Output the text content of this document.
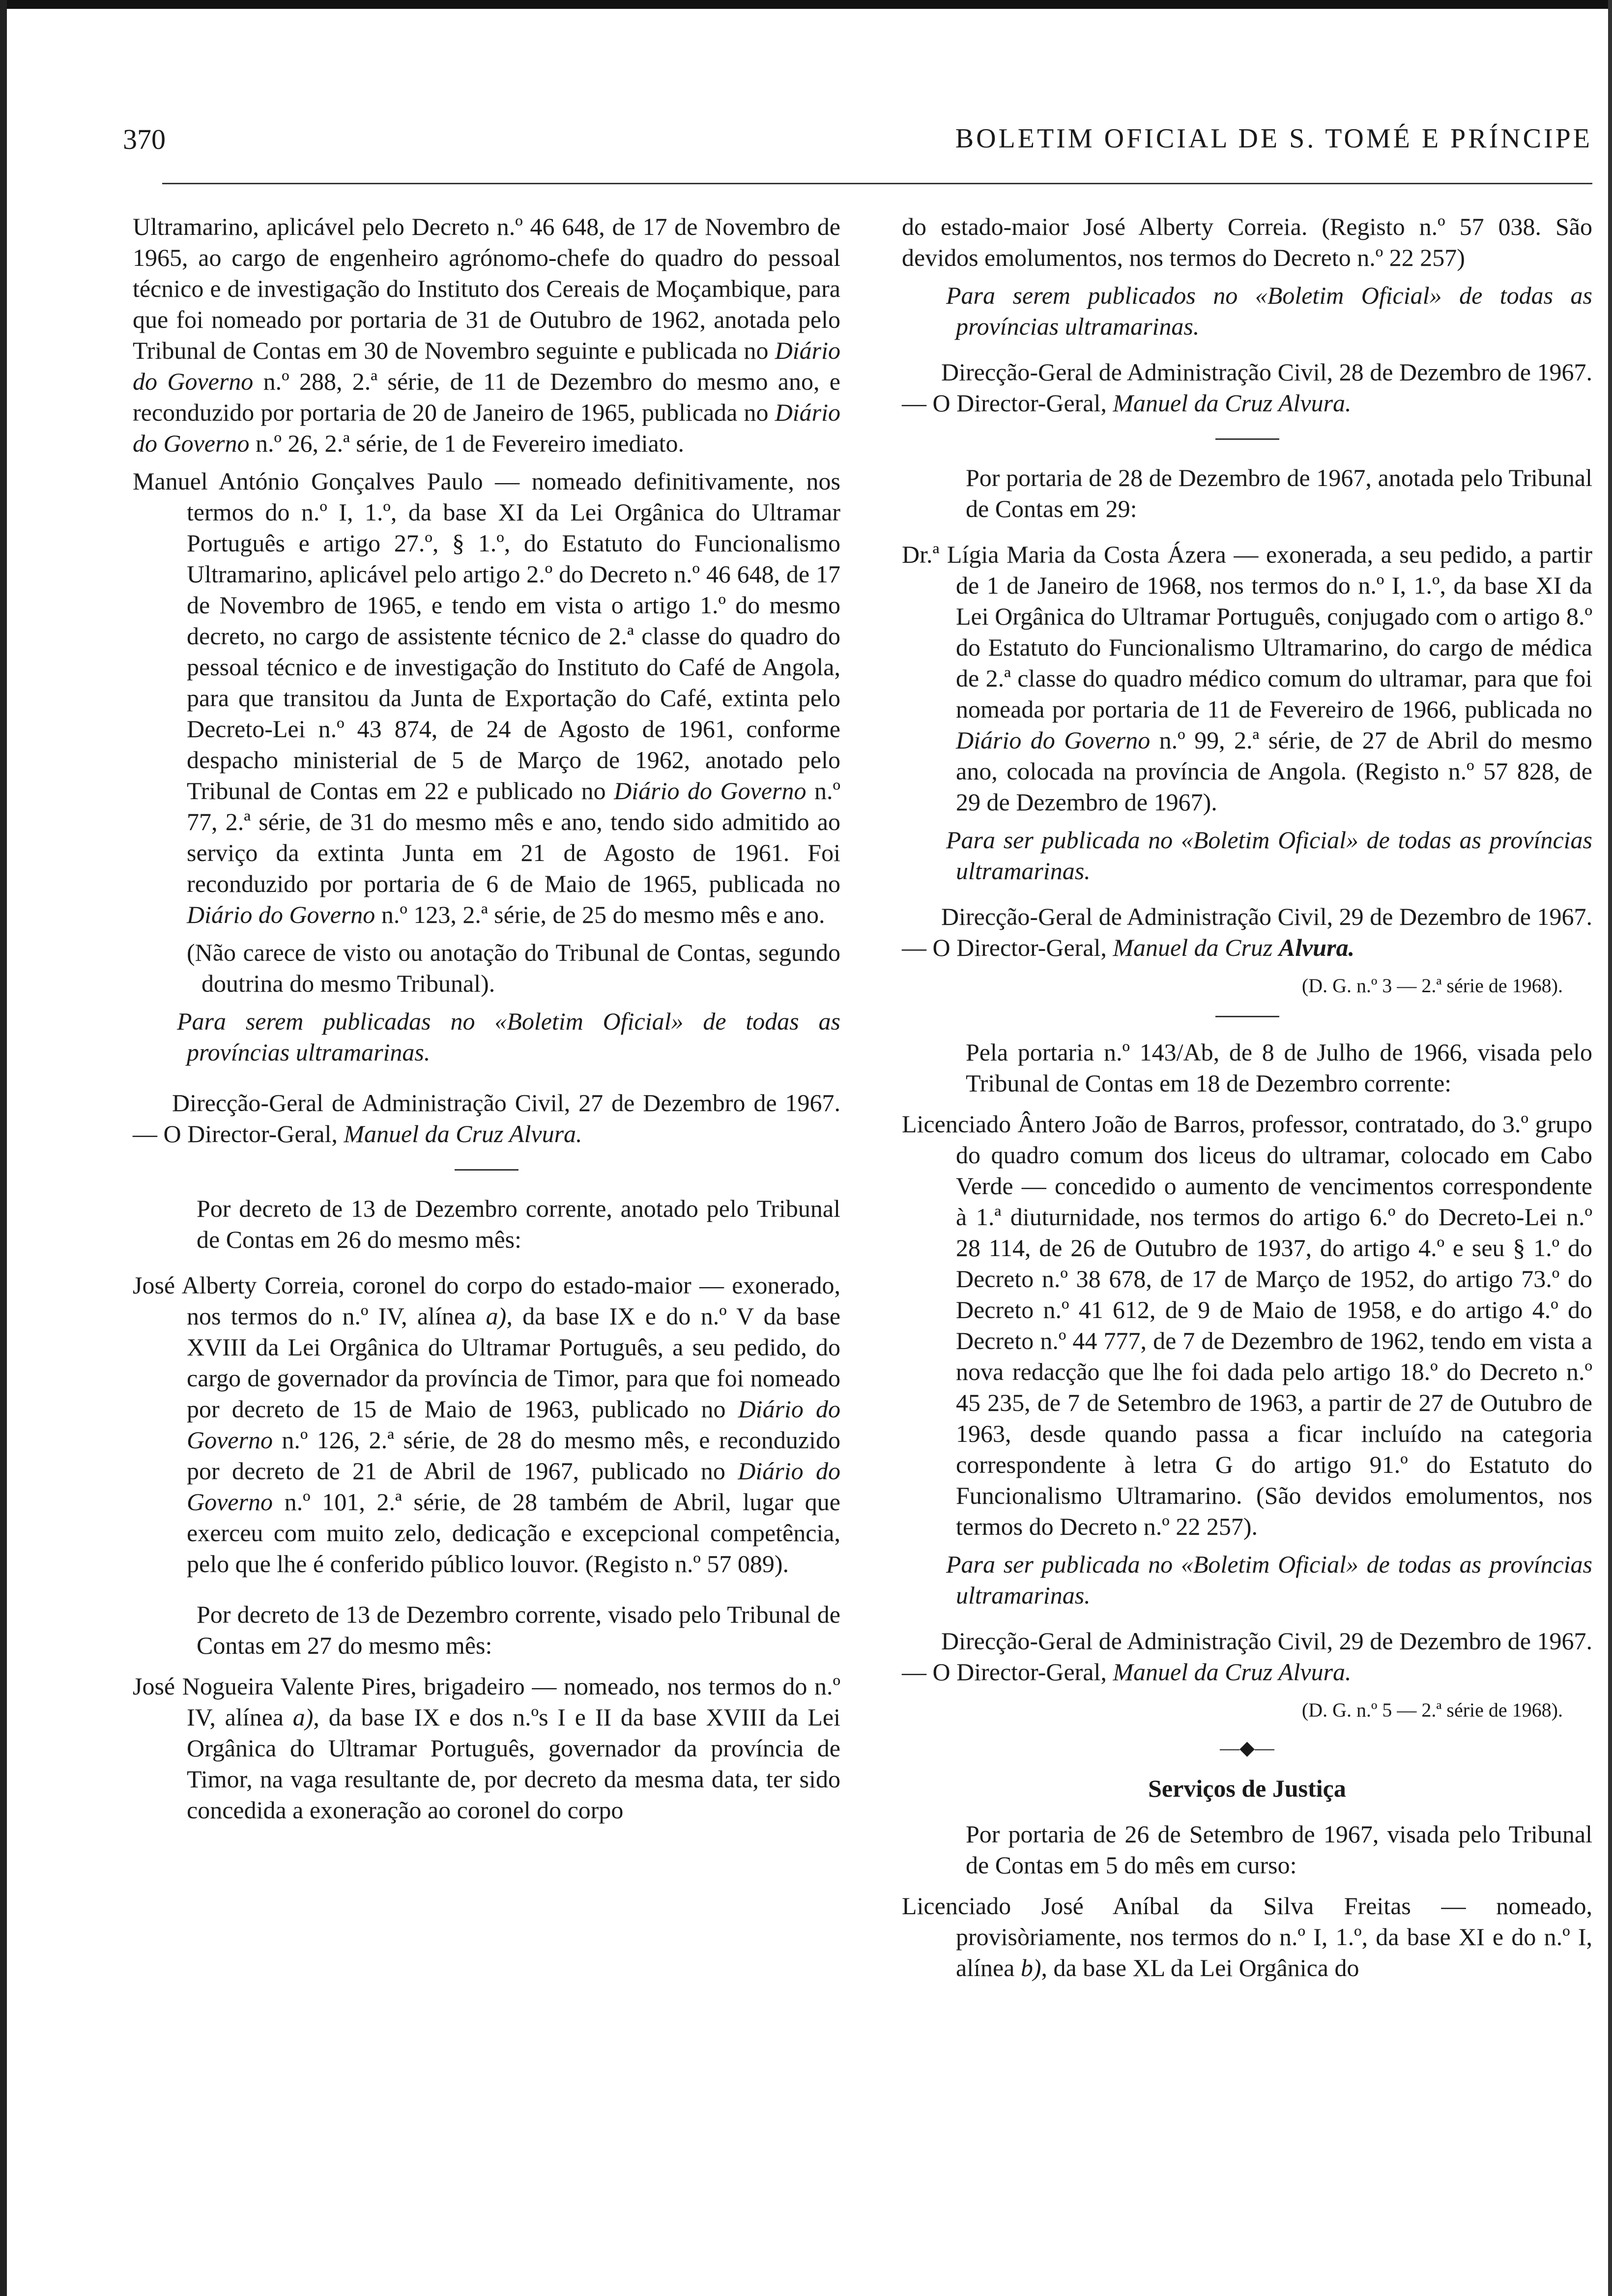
370	BOLETIM OFICIAL DE S. TOMÉ E PRÍNCIPE

Ultramarino, aplicável pelo Decreto n.º 46 648, de 17 de Novembro de 1965, ao cargo de engenheiro agrónomo-chefe do quadro do pessoal técnico e de investigação do Instituto dos Cereais de Moçambique, para que foi nomeado por portaria de 31 de Outubro de 1962, anotada pelo Tribunal de Contas em 30 de Novembro seguinte e publicada no Diário do Governo n.º 288, 2.ª série, de 11 de Dezembro do mesmo ano, e reconduzido por portaria de 20 de Janeiro de 1965, publicada no Diário do Governo n.º 26, 2.ª série, de 1 de Fevereiro imediato.

Manuel António Gonçalves Paulo — nomeado definitivamente, nos termos do n.º I, 1.º, da base XI da Lei Orgânica do Ultramar Português e artigo 27.º, § 1.º, do Estatuto do Funcionalismo Ultramarino, aplicável pelo artigo 2.º do Decreto n.º 46 648, de 17 de Novembro de 1965, e tendo em vista o artigo 1.º do mesmo decreto, no cargo de assistente técnico de 2.ª classe do quadro do pessoal técnico e de investigação do Instituto do Café de Angola, para que transitou da Junta de Exportação do Café, extinta pelo Decreto-Lei n.º 43 874, de 24 de Agosto de 1961, conforme despacho ministerial de 5 de Março de 1962, anotado pelo Tribunal de Contas em 22 e publicado no Diário do Governo n.º 77, 2.ª série, de 31 do mesmo mês e ano, tendo sido admitido ao serviço da extinta Junta em 21 de Agosto de 1961. Foi reconduzido por portaria de 6 de Maio de 1965, publicada no Diário do Governo n.º 123, 2.ª série, de 25 do mesmo mês e ano.

(Não carece de visto ou anotação do Tribunal de Contas, segundo doutrina do mesmo Tribunal).

Para serem publicadas no «Boletim Oficial» de todas as províncias ultramarinas.

Direcção-Geral de Administração Civil, 27 de Dezembro de 1967. — O Director-Geral, Manuel da Cruz Alvura.

Por decreto de 13 de Dezembro corrente, anotado pelo Tribunal de Contas em 26 do mesmo mês:

José Alberty Correia, coronel do corpo do estado-maior — exonerado, nos termos do n.º IV, alínea a), da base IX e do n.º V da base XVIII da Lei Orgânica do Ultramar Português, a seu pedido, do cargo de governador da província de Timor, para que foi nomeado por decreto de 15 de Maio de 1963, publicado no Diário do Governo n.º 126, 2.ª série, de 28 do mesmo mês, e reconduzido por decreto de 21 de Abril de 1967, publicado no Diário do Governo n.º 101, 2.ª série, de 28 também de Abril, lugar que exerceu com muito zelo, dedicação e excepcional competência, pelo que lhe é conferido público louvor. (Registo n.º 57 089).

Por decreto de 13 de Dezembro corrente, visado pelo Tribunal de Contas em 27 do mesmo mês:

José Nogueira Valente Pires, brigadeiro — nomeado, nos termos do n.º IV, alínea a), da base IX e dos n.ºs I e II da base XVIII da Lei Orgânica do Ultramar Português, governador da província de Timor, na vaga resultante de, por decreto da mesma data, ter sido concedida a exoneração ao coronel do corpo

do estado-maior José Alberty Correia. (Registo n.º 57 038. São devidos emolumentos, nos termos do Decreto n.º 22 257)

Para serem publicados no «Boletim Oficial» de todas as províncias ultramarinas.

Direcção-Geral de Administração Civil, 28 de Dezembro de 1967. — O Director-Geral, Manuel da Cruz Alvura.

Por portaria de 28 de Dezembro de 1967, anotada pelo Tribunal de Contas em 29:

Dr.ª Lígia Maria da Costa Ázera — exonerada, a seu pedido, a partir de 1 de Janeiro de 1968, nos termos do n.º I, 1.º, da base XI da Lei Orgânica do Ultramar Português, conjugado com o artigo 8.º do Estatuto do Funcionalismo Ultramarino, do cargo de médica de 2.ª classe do quadro médico comum do ultramar, para que foi nomeada por portaria de 11 de Fevereiro de 1966, publicada no Diário do Governo n.º 99, 2.ª série, de 27 de Abril do mesmo ano, colocada na província de Angola. (Registo n.º 57 828, de 29 de Dezembro de 1967).

Para ser publicada no «Boletim Oficial» de todas as províncias ultramarinas.

Direcção-Geral de Administração Civil, 29 de Dezembro de 1967. — O Director-Geral, Manuel da Cruz Alvura.

(D. G. n.º 3 — 2.ª série de 1968).

Pela portaria n.º 143/Ab, de 8 de Julho de 1966, visada pelo Tribunal de Contas em 18 de Dezembro corrente:

Licenciado Ântero João de Barros, professor, contratado, do 3.º grupo do quadro comum dos liceus do ultramar, colocado em Cabo Verde — concedido o aumento de vencimentos correspondente à 1.ª diuturnidade, nos termos do artigo 6.º do Decreto-Lei n.º 28 114, de 26 de Outubro de 1937, do artigo 4.º e seu § 1.º do Decreto n.º 38 678, de 17 de Março de 1952, do artigo 73.º do Decreto n.º 41 612, de 9 de Maio de 1958, e do artigo 4.º do Decreto n.º 44 777, de 7 de Dezembro de 1962, tendo em vista a nova redacção que lhe foi dada pelo artigo 18.º do Decreto n.º 45 235, de 7 de Setembro de 1963, a partir de 27 de Outubro de 1963, desde quando passa a ficar incluído na categoria correspondente à letra G do artigo 91.º do Estatuto do Funcionalismo Ultramarino. (São devidos emolumentos, nos termos do Decreto n.º 22 257).

Para ser publicada no «Boletim Oficial» de todas as províncias ultramarinas.

Direcção-Geral de Administração Civil, 29 de Dezembro de 1967. — O Director-Geral, Manuel da Cruz Alvura.

(D. G. n.º 5 — 2.ª série de 1968).

—◆—

Serviços de Justiça

Por portaria de 26 de Setembro de 1967, visada pelo Tribunal de Contas em 5 do mês em curso:

Licenciado José Aníbal da Silva Freitas — nomeado, provisòriamente, nos termos do n.º I, 1.º, da base XI e do n.º I, alínea b), da base XL da Lei Orgânica do
